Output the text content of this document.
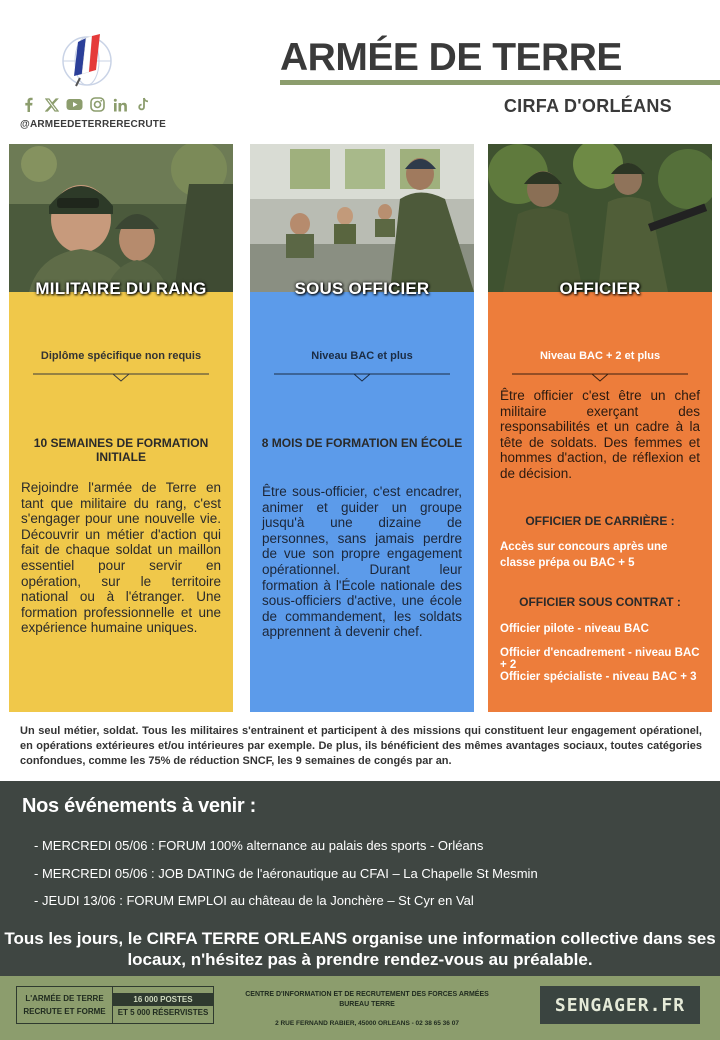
@ARMEEDETERRERECRUTE
ARMÉE DE TERRE
CIRFA D'ORLÉANS
MILITAIRE DU RANG
Diplôme spécifique non requis
10 SEMAINES DE FORMATION INITIALE
Rejoindre l'armée de Terre en tant que militaire du rang, c'est s'engager pour une nouvelle vie. Découvrir un métier d'action qui fait de chaque soldat un maillon essentiel pour servir en opération, sur le territoire national ou à l'étranger. Une formation professionnelle et une expérience humaine uniques.
SOUS OFFICIER
Niveau BAC et plus
8 MOIS DE FORMATION EN ÉCOLE
Être sous-officier, c'est encadrer, animer et guider un groupe jusqu'à une dizaine de personnes, sans jamais perdre de vue son propre engagement opérationnel. Durant leur formation à l'École nationale des sous-officiers d'active, une école de commandement, les soldats apprennent à devenir chef.
OFFICIER
Niveau BAC + 2 et plus
Être officier c'est être un chef militaire exerçant des responsabilités et un cadre à la tête de soldats. Des femmes et hommes d'action, de réflexion et de décision.
OFFICIER DE CARRIÈRE :
Accès sur concours après une classe prépa ou BAC + 5
OFFICIER SOUS CONTRAT :
Officier pilote - niveau BAC
Officier d'encadrement - niveau BAC + 2
Officier spécialiste - niveau BAC + 3
Un seul métier, soldat. Tous les militaires s'entrainent et participent à des missions qui constituent leur engagement opérationel, en opérations extérieures et/ou intérieures par exemple. De plus, ils bénéficient des mêmes avantages sociaux, toutes catégories confondues, comme les 75% de réduction SNCF, les 9 semaines de congés par an.
Nos événements à venir :
- MERCREDI 05/06 : FORUM 100% alternance au palais des sports - Orléans
- MERCREDI 05/06 : JOB DATING de l'aéronautique au CFAI – La Chapelle St Mesmin
- JEUDI 13/06 : FORUM EMPLOI au château de la Jonchère – St Cyr en Val
Tous les jours, le CIRFA TERRE ORLEANS organise une information collective dans ses locaux, n'hésitez pas à prendre rendez-vous au préalable.
L'ARMÉE DE TERRE
RECRUTE ET FORME
16 000 POSTES
ET 5 000 RÉSERVISTES
CENTRE D'INFORMATION ET DE RECRUTEMENT DES FORCES ARMÉES
BUREAU TERRE
2 RUE FERNAND RABIER, 45000 ORLEANS - 02 38 65 36 07
SENGAGER.FR
